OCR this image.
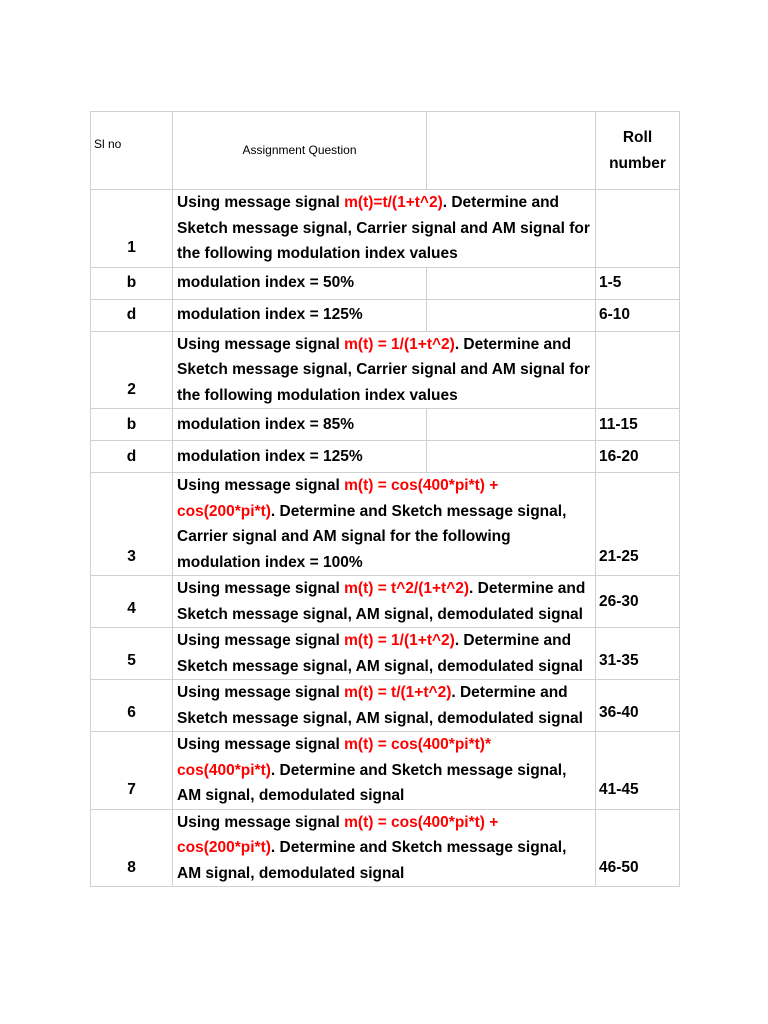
Sl no	Assignment Question		Roll
number

1	Using message signal m(t)=t/(1+t^2). Determine and Sketch message signal, Carrier signal and AM signal for the following modulation index values		
b	modulation index = 50%		1-5
d	modulation index = 125%		6-10
2	Using message signal m(t) = 1/(1+t^2). Determine and Sketch message signal, Carrier signal and AM signal for the following modulation index values		
b	modulation index = 85%		11-15
d	modulation index = 125%		16-20
3	Using message signal m(t) = cos(400*pi*t) + cos(200*pi*t). Determine and Sketch message signal, Carrier signal and AM signal for the following modulation index = 100%		21-25
4	Using message signal m(t) = t^2/(1+t^2). Determine and Sketch message signal, AM signal, demodulated signal		26-30
5	Using message signal m(t) = 1/(1+t^2). Determine and Sketch message signal, AM signal, demodulated signal		31-35
6	Using message signal m(t) = t/(1+t^2). Determine and Sketch message signal, AM signal, demodulated signal		36-40
7	Using message signal m(t) = cos(400*pi*t)* cos(400*pi*t). Determine and Sketch message signal, AM signal, demodulated signal		41-45
8	Using message signal m(t) = cos(400*pi*t) + cos(200*pi*t). Determine and Sketch message signal, AM signal, demodulated signal		46-50
